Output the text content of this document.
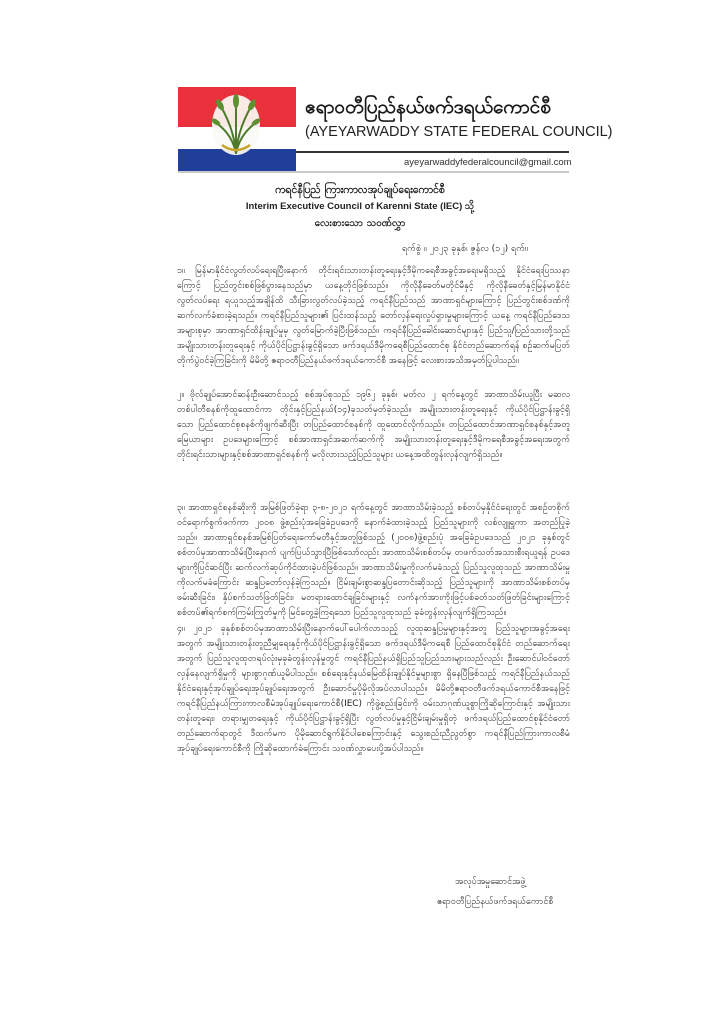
ဧရာဝတီပြည်နယ်ဖက်ဒရယ်ကောင်စီ
(AYEYARWADDY STATE FEDERAL COUNCIL)
ayeyarwaddyfederalcouncil@gmail.com
ကရင်နီပြည် ကြားကာလအုပ်ချုပ်ရေးကောင်စီ
Interim Executive Council of Karenni State (IEC) သို့
လေးစားသော သဝဏ်လွှာ
ရက်စွဲ ။ ၂၀၂၃ ခုနှစ်၊ ဇွန်လ (၁၂) ရက်။
၁။ မြန်မာနိုင်ငံလွတ်လပ်ရေးရပြီးနောက် တိုင်းရင်းသားတန်းတူရေးနှင့်ဒီမိုကရေစီအခွင့်အရေးမရှိသည့် နိုင်ငံရေးပြဿနာကြောင့် ပြည်တွင်းစစ်ဖြစ်ပွားနေသည်မှာ ယနေ့တိုင်ဖြစ်သည်။ ကိုလိုနီခေတ်မတိုင်မီနှင့် ကိုလိုနီခေတ်နှင့်မြန်မာနိုင်ငံလွတ်လပ်ရေး ရယူသည့်အချိန်ထိ သီးခြားလွတ်လပ်ခဲ့သည့် ကရင်နီပြည်သည် အာဏာရှင်များကြောင့် ပြည်တွင်းစစ်ဒဏ်ကို ဆက်လက်ခံစားခဲ့ရသည်။ ကရင်နီပြည်သူများ၏ ပြင်းထန်သည့် တော်လှန်ရေးလှုပ်ရှားမှုများကြောင့် ယနေ့ ကရင်နီပြည်ဒေသအများစုမှာ အာဏာရှင်ထိန်းချုပ်မှုမှ လွတ်မြောက်ခဲ့ပြီးဖြစ်သည်။ ကရင်နီပြည်ခေါင်းဆောင်များနှင့် ပြည်သူ/ပြည်သားတို့သည် အမျိုးသားတန်းတူရေးနှင့် ကိုယ်ပိုင်ပြဋ္ဌာန်းခွင့်ရှိသော ဖက်ဒရယ်ဒီမိုကရေစီပြည်ထောင်စု နိုင်ငံတည်ဆောက်ရန် စဉ်ဆက်မပြတ်တိုက်ပွဲဝင်ခဲ့ကြခြင်းကို မိမိတို့ ဧရာဝတီပြည်နယ်ဖက်ဒရယ်ကောင်စီ အနေဖြင့် လေးစားအသိအမှတ်ပြုပါသည်။
၂။ ဗိုလ်ချုပ်အောင်ဆန်းဦးဆောင်သည့် စစ်အုပ်စုသည် ၁၉၆၂ ခုနှစ်၊ မတ်လ ၂ ရက်နေ့တွင် အာဏာသိမ်းယူပြီး မဆလ တစ်ပါတီစနစ်ကိုထူထောင်ကာ တိုင်းနှင့်ပြည်နယ်(၁၄)ခုသတ်မှတ်ခဲ့သည်။ အမျိုးသားတန်းတူရေးနှင့် ကိုယ်ပိုင်ပြဋ္ဌာန်းခွင့်ရှိသော ပြည်ထောင်စုစနစ်ကိုဖျက်ဆီးပြီး တပြည်ထောင်စနစ်ကို ထူထောင်လိုက်သည်။ တပြည်ထောင်အာဏာရှင်စနစ်နှင့်အတူ မြေယာများ ဥပဒေများကြောင့် စစ်အာဏာရှင်အဆက်ဆက်ကို အမျိုးသားတန်းတူရေးနှင့်ဒီမိုကရေစီအခွင့်အရေးအတွက် တိုင်းရင်းသားများနှင့်စစ်အာဏာရှင်စနစ်ကို မလိုလားသည့်ပြည်သူများ ယနေ့အထိတွန်းလှန်လျက်ရှိသည်။
၃။ အာဏာရှင်စနစ်ဆိုးကို အမြစ်ဖြတ်ခဲ့ရာ ၃-၈-၂၀၂၁ ရက်နေ့တွင် အာဏာသိမ်းခဲ့သည့် စစ်တပ်မှနိုင်ငံရေးတွင် အစဉ်တစိုက် ဝင်ရောက်စွက်ဖက်ကာ ၂၀၀၈ ဖွဲ့စည်းပုံအခြေခံဥပဒေကို နောက်ခံထားခဲ့သည့် ပြည်သူများကို လစ်လျူရှုကာ အတည်ပြုခဲ့သည်။ အာဏာရှင်စနစ်အမြစ်ပြတ်ရေးကော်မတီနှင့်အတူဖြစ်သည့် (၂၀၀၈)ဖွဲ့စည်းပုံ အခြေခံဥပဒေသည် ၂၀၂၁ ခုနှစ်တွင် စစ်တပ်မှအာဏာသိမ်းပြီးနောက် ပျက်ပြယ်သွားပြီဖြစ်သော်လည်း အာဏာသိမ်းစစ်တပ်မှ တဖက်သတ်အသားစီးရယူရန် ဥပဒေများကိုပြင်ဆင်ပြီး ဆက်လက်ဆုပ်ကိုင်ထားခဲ့ပင်ဖြစ်သည်။ အာဏာသိမ်းမှုကိုလက်မခံသည့် ပြည်သူလူထုသည် အာဏာသိမ်းမှုကိုလက်မခံကြောင်း ဆန္ဒပြတော်လှန်ခဲ့ကြသည်။ ငြိမ်းချမ်းစွာဆန္ဒပြတောင်းဆိုသည့် ပြည်သူများကို အာဏာသိမ်းစစ်တပ်မှဖမ်းဆီးခြင်း၊ နှိပ်စက်သတ်ဖြတ်ခြင်း၊ မတရားထောင်ချခြင်းများနှင့် လက်နက်အားကိုးဖြင့်ပစ်ခတ်သတ်ဖြတ်ခြင်းများကြောင့် စစ်တပ်၏ရက်စက်ကြမ်းကြုတ်မှုကို မြင်တွေ့ခဲ့ကြရသော ပြည်သူလူထုသည် ခုခံတွန်းလှန်လျက်ရှိကြသည်။
၄။ ၂၀၂၁ ခုနှစ်စစ်တပ်မှအာဏာသိမ်းပြီးနောက်ပေါ်ပေါက်လာသည့် လူထုဆန္ဒပြမှုများနှင့်အတူ ပြည်သူများအခွင့်အရေးအတွက် အမျိုးသားတန်းတူညီမျှရေးနှင့်ကိုယ်ပိုင်ပြဋ္ဌာန်းခွင့်ရှိသော ဖက်ဒရယ်ဒီမိုကရေစီ ပြည်ထောင်စုနိုင်ငံ တည်ဆောက်ရေးအတွက် ပြည်သူလူထုတရပ်လုံးမှခုခံတွန်းလှန်မှုတွင် ကရင်နီပြည်နယ်ရှိပြည်သူပြည်သားများသည်လည်း ဦးဆောင်ပါဝင်တော်လှန်နေလျက်ရှိမှုကို များစွာဂုဏ်ယူမိပါသည်။ စစ်ရေးနှင့်နယ်မြေထိန်းချုပ်နိုင်မှုများစွာ ရှိနေပြီဖြစ်သည့် ကရင်နီပြည်နယ်သည် နိုင်ငံရေးနှင့်အုပ်ချုပ်ရေးအုပ်ချုပ်ရေးအတွက် ဦးဆောင်မှုပိုမိုလိုအပ်လာပါသည်။ မိမိတို့ဧရာဝတီဖက်ဒရယ်ကောင်စီအနေဖြင့် ကရင်နီပြည်နယ်ကြားကာလစီမံအုပ်ချုပ်ရေးကောင်စီ(IEC) ကိုဖွဲ့စည်းခြင်းကို ဝမ်းသာဂုဏ်ယူစွာကြိုဆိုကြောင်းနှင့် အမျိုးသားတန်းတူရေး၊ တရားမျှတရေးနှင့် ကိုယ်ပိုင်ပြဋ္ဌာန်းခွင့်ရှိပြီး လွတ်လပ်မှုနှင့်ငြိမ်းချမ်းမှုရှိတဲ့ ဖက်ဒရယ်ပြည်ထောင်စုနိုင်ငံတော်တည်ဆောက်ရာတွင် ဒီထက်မက ပိုမိုဆောင်ရွက်နိုင်ပါစေကြောင်းနှင့် သွေးစည်းညီညွတ်စွာ ကရင်နီပြည်ကြားကာလစီမံအုပ်ချုပ်ရေးကောင်စီကို ကြိုဆိုထောက်ခံကြောင်း သဝဏ်လွှာပေးပို့အပ်ပါသည်။
အလုပ်အမှုဆောင်အဖွဲ့
ဧရာဝတီပြည်နယ်ဖက်ဒရယ်ကောင်စီ
